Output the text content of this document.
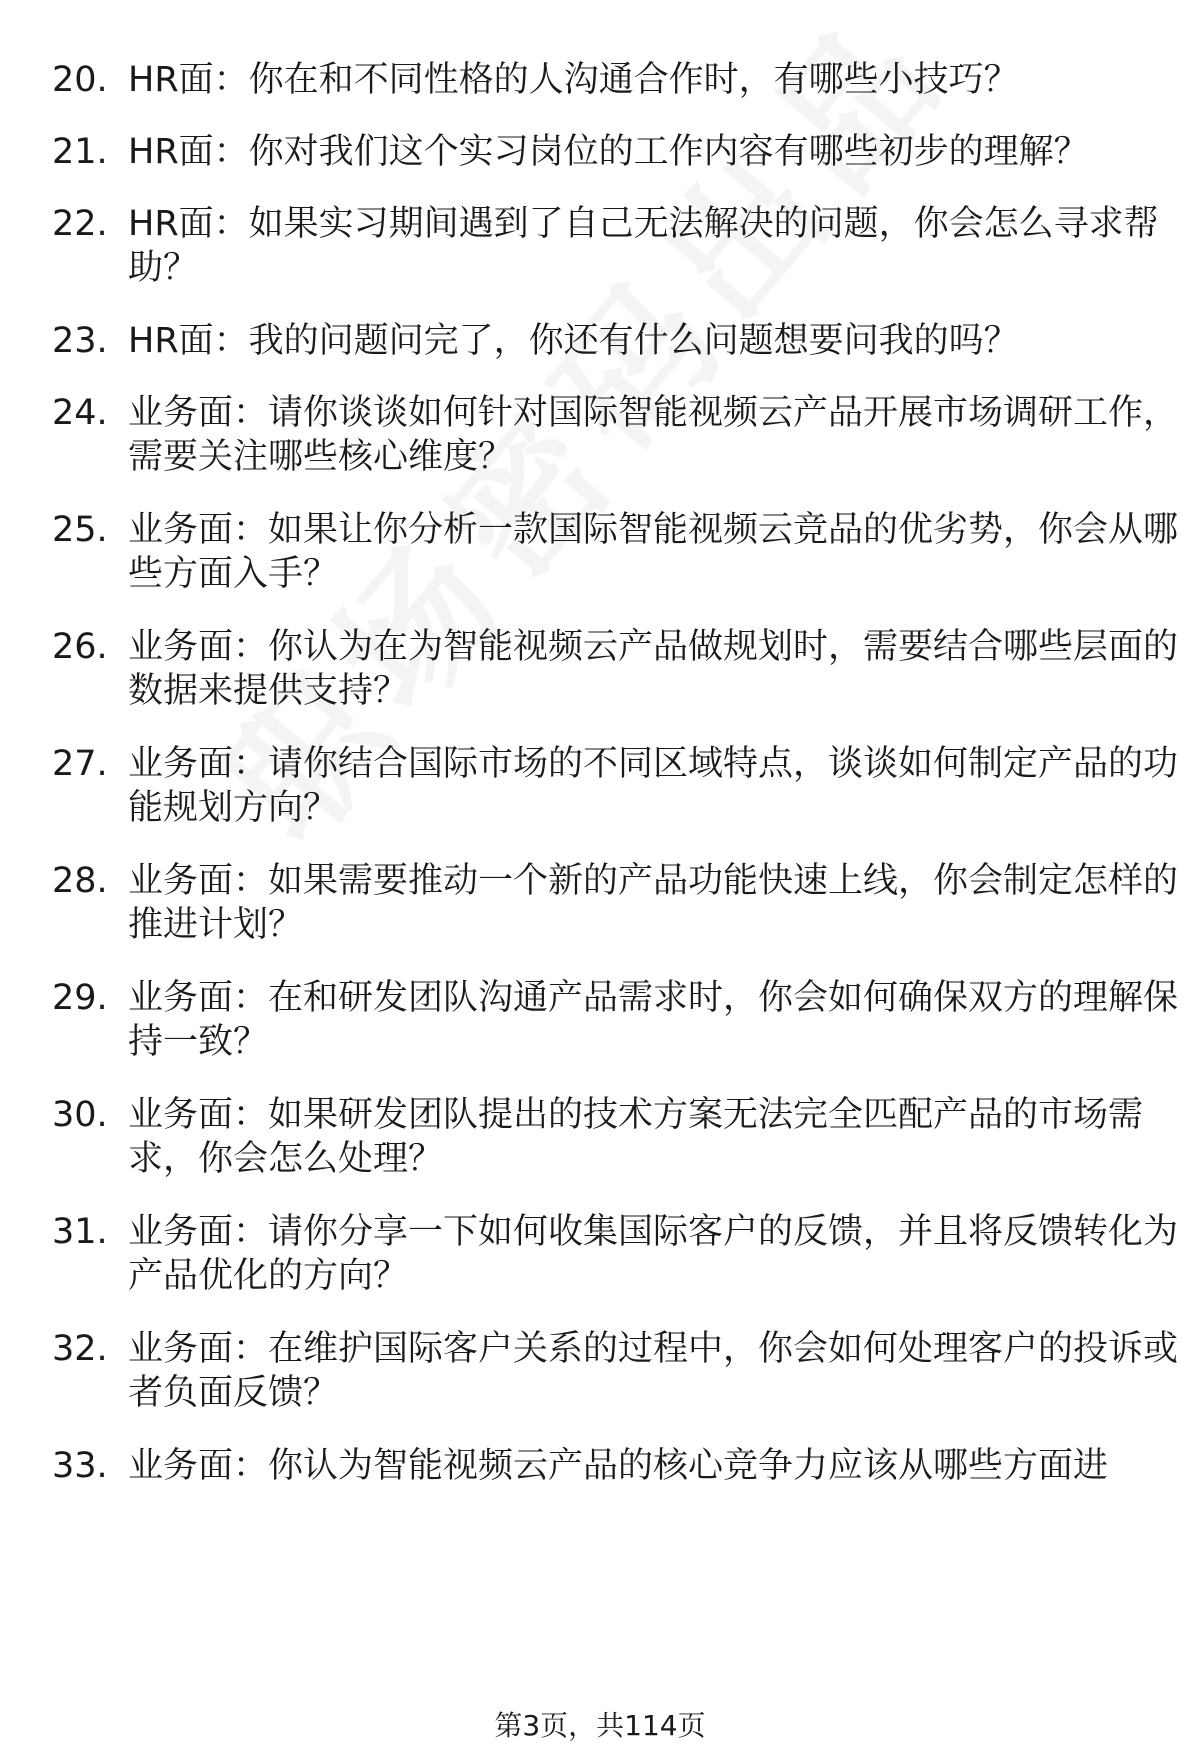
20. HR面：你在和不同性格的人沟通合作时，有哪些小技巧？
21. HR面：你对我们这个实习岗位的工作内容有哪些初步的理解？
22. HR面：如果实习期间遇到了自己无法解决的问题，你会怎么寻求帮助？
23. HR面：我的问题问完了，你还有什么问题想要问我的吗？
24. 业务面：请你谈谈如何针对国际智能视频云产品开展市场调研工作，需要关注哪些核心维度？
25. 业务面：如果让你分析一款国际智能视频云竞品的优劣势，你会从哪些方面入手？
26. 业务面：你认为在为智能视频云产品做规划时，需要结合哪些层面的数据来提供支持？
27. 业务面：请你结合国际市场的不同区域特点，谈谈如何制定产品的功能规划方向？
28. 业务面：如果需要推动一个新的产品功能快速上线，你会制定怎样的推进计划？
29. 业务面：在和研发团队沟通产品需求时，你会如何确保双方的理解保持一致？
30. 业务面：如果研发团队提出的技术方案无法完全匹配产品的市场需求，你会怎么处理？
31. 业务面：请你分享一下如何收集国际客户的反馈，并且将反馈转化为产品优化的方向？
32. 业务面：在维护国际客户关系的过程中，你会如何处理客户的投诉或者负面反馈？
33. 业务面：你认为智能视频云产品的核心竞争力应该从哪些方面进
第3页，共114页
